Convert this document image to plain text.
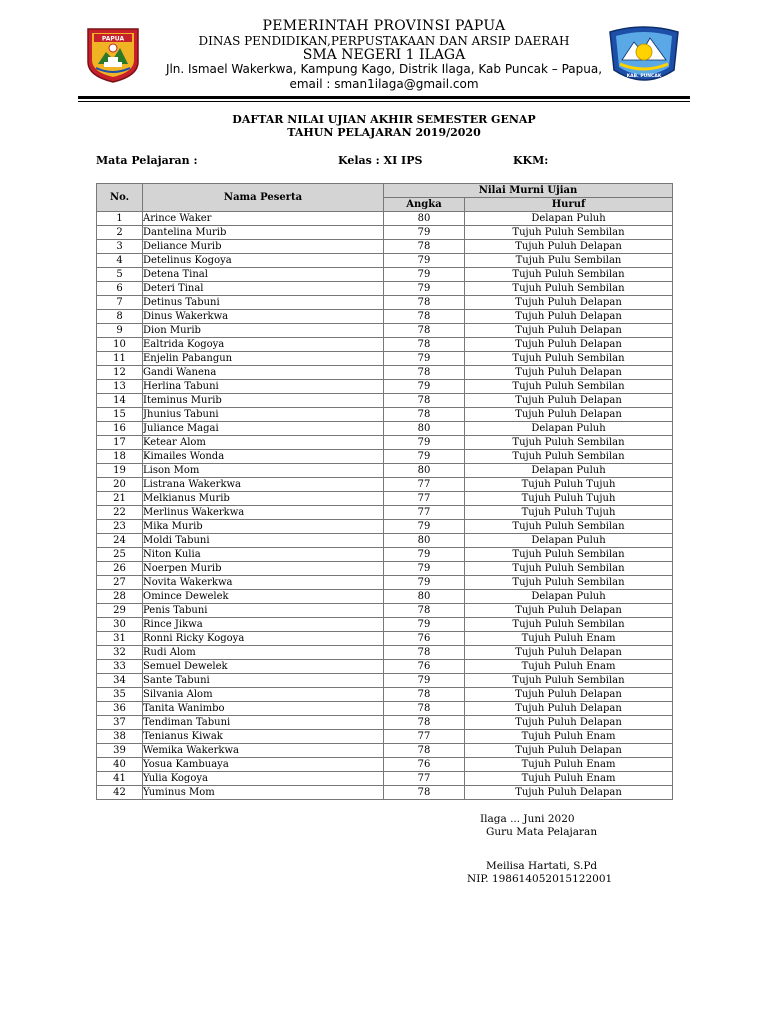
PAPUA
KAB. PUNCAK
PEMERINTAH PROVINSI PAPUA
DINAS PENDIDIKAN,PERPUSTAKAAN DAN ARSIP DAERAH
SMA NEGERI 1 ILAGA
Jln. Ismael Wakerkwa, Kampung Kago, Distrik Ilaga, Kab Puncak – Papua,
email : sman1ilaga@gmail.com
DAFTAR NILAI UJIAN AKHIR SEMESTER GENAP
TAHUN PELAJARAN 2019/2020
Mata Pelajaran :	Kelas : XI IPS	KKM:
No.	Nama Peserta	Nilai Murni Ujian	
		Angka	Huruf
1	Arince Waker	80	Delapan Puluh
2	Dantelina Murib	79	Tujuh Puluh Sembilan
3	Deliance Murib	78	Tujuh Puluh Delapan
4	Detelinus Kogoya	79	Tujuh Pulu Sembilan
5	Detena Tinal	79	Tujuh Puluh Sembilan
6	Deteri Tinal	79	Tujuh Puluh Sembilan
7	Detinus Tabuni	78	Tujuh Puluh Delapan
8	Dinus Wakerkwa	78	Tujuh Puluh Delapan
9	Dion Murib	78	Tujuh Puluh Delapan
10	Ealtrida Kogoya	78	Tujuh Puluh Delapan
11	Enjelin Pabangun	79	Tujuh Puluh Sembilan
12	Gandi Wanena	78	Tujuh Puluh Delapan
13	Herlina Tabuni	79	Tujuh Puluh Sembilan
14	Iteminus Murib	78	Tujuh Puluh Delapan
15	Jhunius Tabuni	78	Tujuh Puluh Delapan
16	Juliance Magai	80	Delapan Puluh
17	Ketear Alom	79	Tujuh Puluh Sembilan
18	Kimailes Wonda	79	Tujuh Puluh Sembilan
19	Lison Mom	80	Delapan Puluh
20	Listrana Wakerkwa	77	Tujuh Puluh Tujuh
21	Melkianus Murib	77	Tujuh Puluh Tujuh
22	Merlinus Wakerkwa	77	Tujuh Puluh Tujuh
23	Mika Murib	79	Tujuh Puluh Sembilan
24	Moldi Tabuni	80	Delapan Puluh
25	Niton Kulia	79	Tujuh Puluh Sembilan
26	Noerpen Murib	79	Tujuh Puluh Sembilan
27	Novita Wakerkwa	79	Tujuh Puluh Sembilan
28	Omince Dewelek	80	Delapan Puluh
29	Penis Tabuni	78	Tujuh Puluh Delapan
30	Rince Jikwa	79	Tujuh Puluh Sembilan
31	Ronni Ricky Kogoya	76	Tujuh Puluh Enam
32	Rudi Alom	78	Tujuh Puluh Delapan
33	Semuel Dewelek	76	Tujuh Puluh Enam
34	Sante Tabuni	79	Tujuh Puluh Sembilan
35	Silvania Alom	78	Tujuh Puluh Delapan
36	Tanita Wanimbo	78	Tujuh Puluh Delapan
37	Tendiman Tabuni	78	Tujuh Puluh Delapan
38	Tenianus Kiwak	77	Tujuh Puluh Enam
39	Wemika Wakerkwa	78	Tujuh Puluh Delapan
40	Yosua Kambuaya	76	Tujuh Puluh Enam
41	Yulia Kogoya	77	Tujuh Puluh Enam
42	Yuminus Mom	78	Tujuh Puluh Delapan
Ilaga ... Juni 2020
Guru Mata Pelajaran
Meilisa Hartati, S.Pd
NIP. 198614052015122001
